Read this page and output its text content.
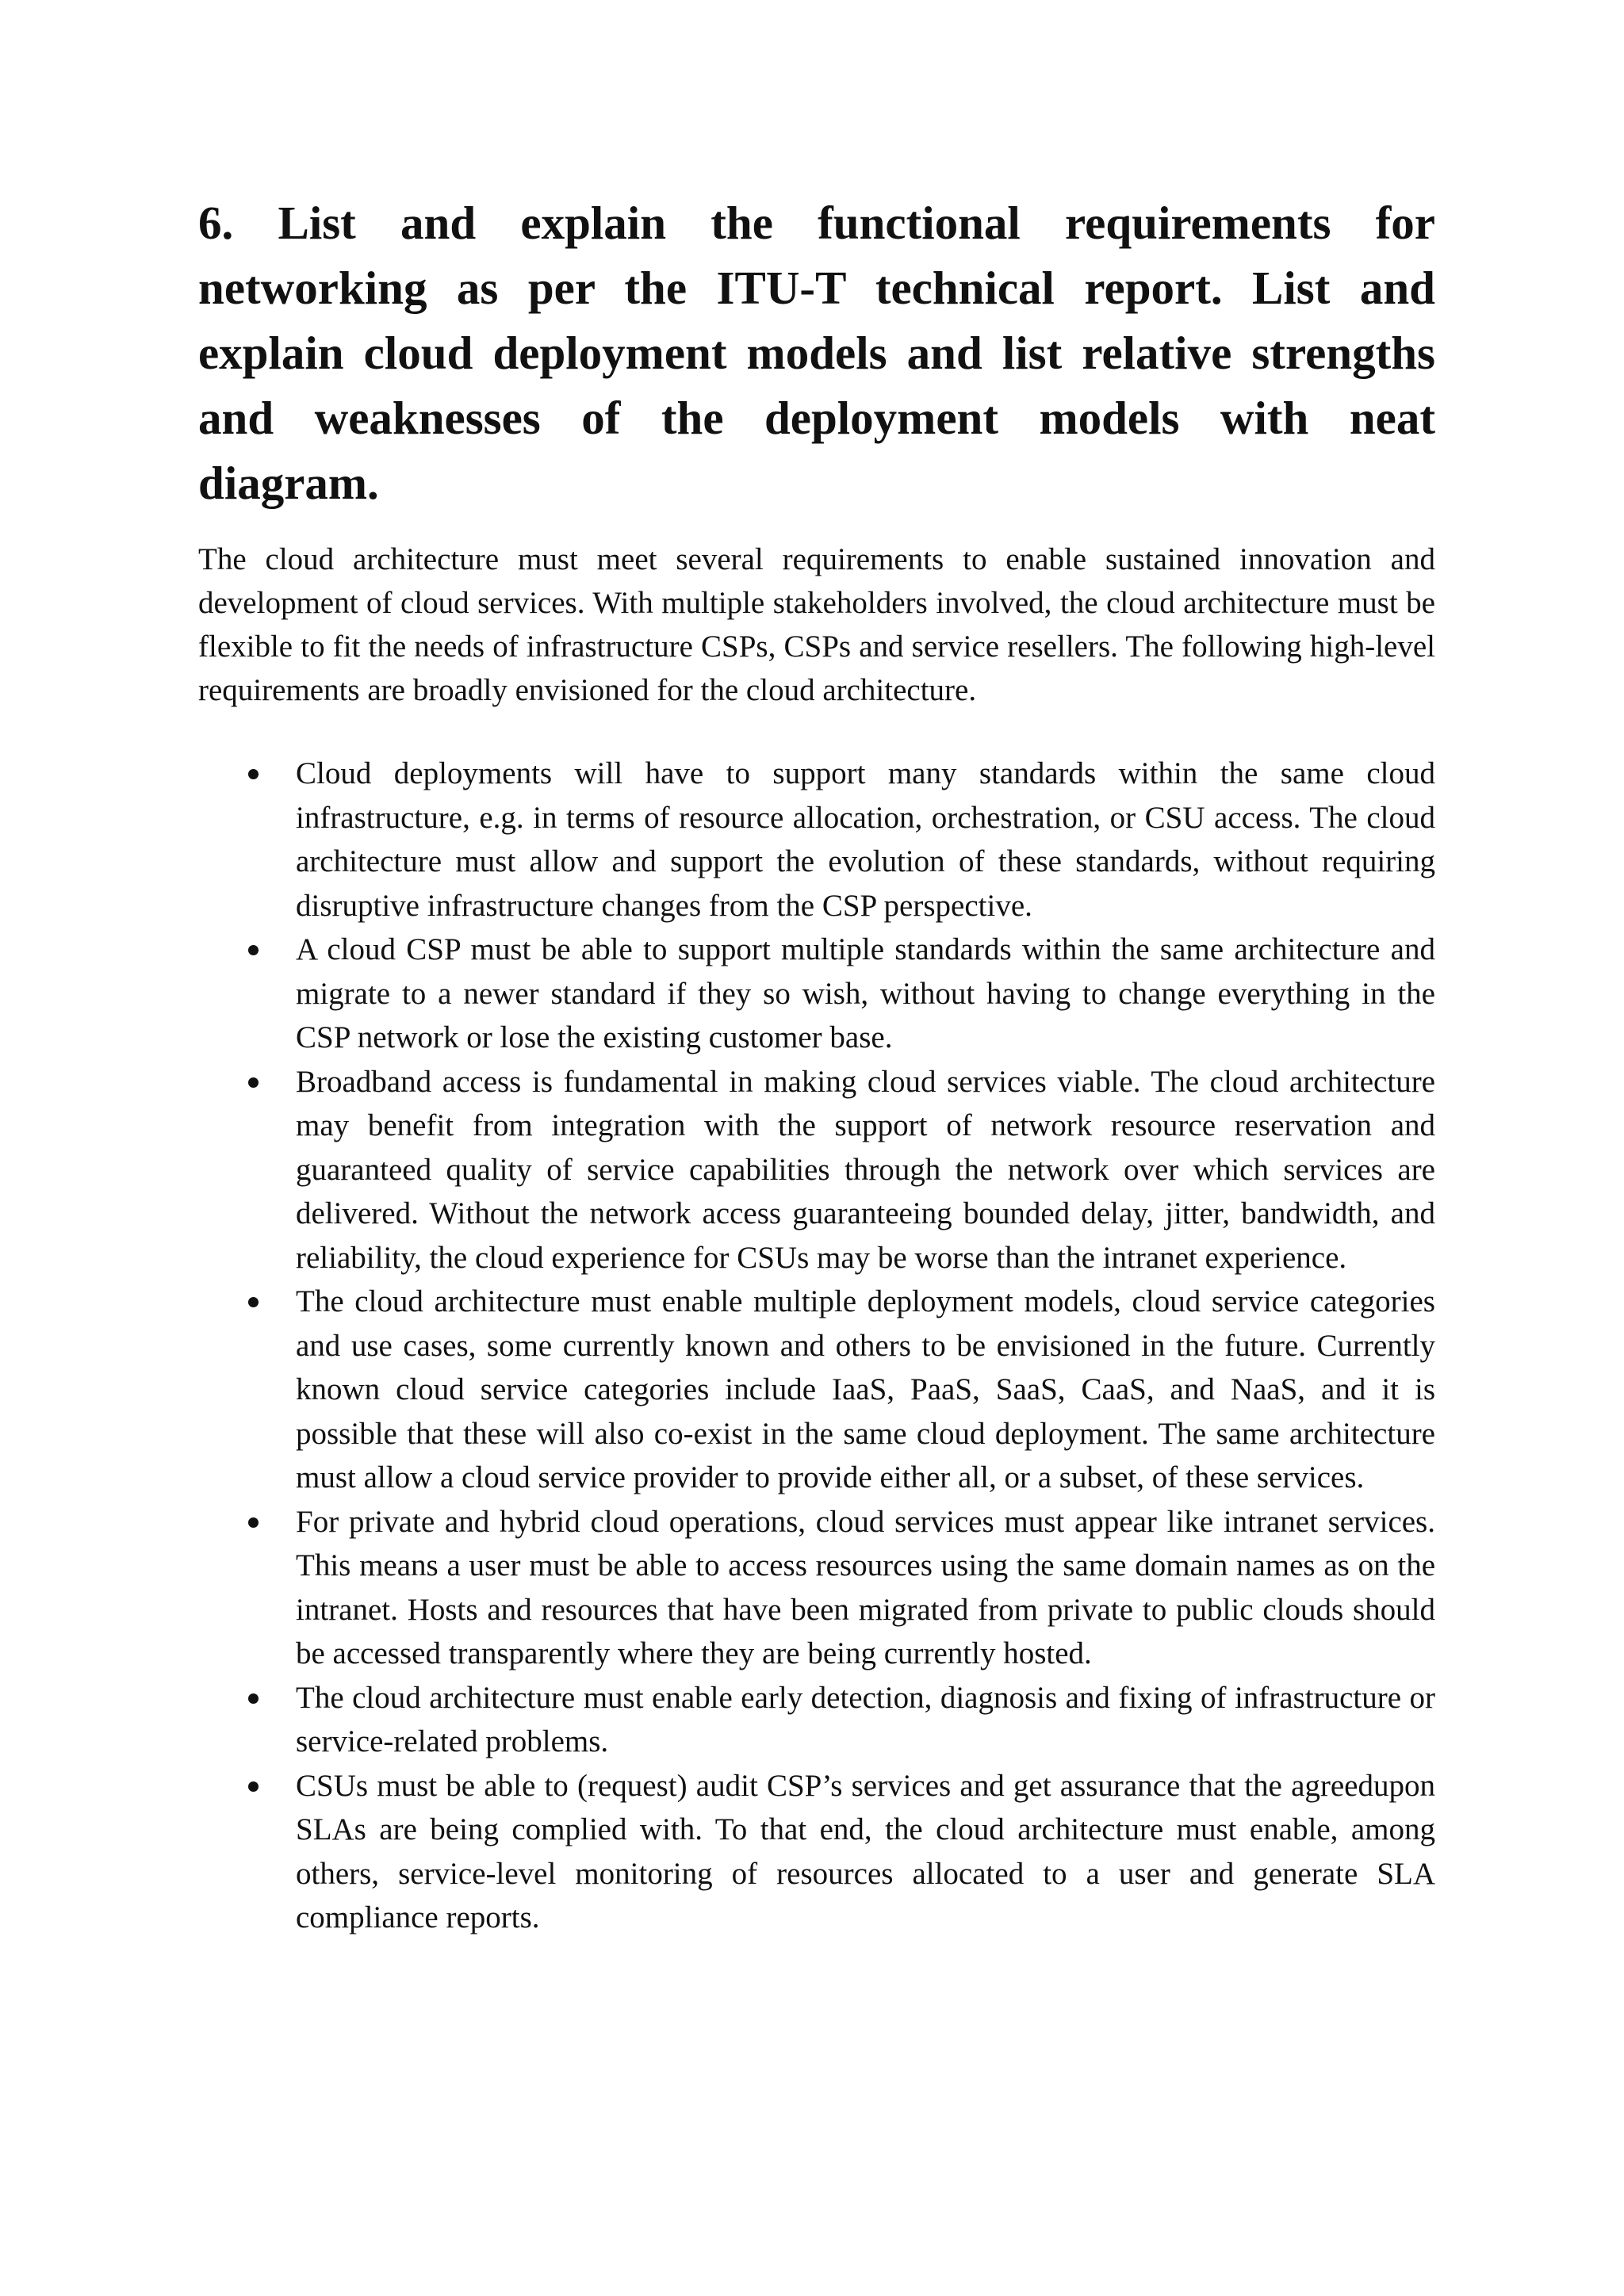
6. List and explain the functional requirements for networking as per the ITU-T technical report. List and explain cloud deployment models and list relative strengths and weaknesses of the deployment models with neat diagram.

The cloud architecture must meet several requirements to enable sustained innovation and development of cloud services. With multiple stakeholders involved, the cloud architecture must be flexible to fit the needs of infrastructure CSPs, CSPs and service resellers. The following high-level requirements are broadly envisioned for the cloud architecture.

Cloud deployments will have to support many standards within the same cloud infrastructure, e.g. in terms of resource allocation, orchestration, or CSU access. The cloud architecture must allow and support the evolution of these standards, without requiring disruptive infrastructure changes from the CSP perspective.
A cloud CSP must be able to support multiple standards within the same architecture and migrate to a newer standard if they so wish, without having to change everything in the CSP network or lose the existing customer base.
Broadband access is fundamental in making cloud services viable. The cloud architecture may benefit from integration with the support of network resource reservation and guaranteed quality of service capabilities through the network over which services are delivered. Without the network access guaranteeing bounded delay, jitter, bandwidth, and reliability, the cloud experience for CSUs may be worse than the intranet experience.
The cloud architecture must enable multiple deployment models, cloud service categories and use cases, some currently known and others to be envisioned in the future. Currently known cloud service categories include IaaS, PaaS, SaaS, CaaS, and NaaS, and it is possible that these will also co-exist in the same cloud deployment. The same architecture must allow a cloud service provider to provide either all, or a subset, of these services.
For private and hybrid cloud operations, cloud services must appear like intranet services. This means a user must be able to access resources using the same domain names as on the intranet. Hosts and resources that have been migrated from private to public clouds should be accessed transparently where they are being currently hosted.
The cloud architecture must enable early detection, diagnosis and fixing of infrastructure or service-related problems.
CSUs must be able to (request) audit CSP’s services and get assurance that the agreedupon SLAs are being complied with. To that end, the cloud architecture must enable, among others, service-level monitoring of resources allocated to a user and generate SLA compliance reports.
